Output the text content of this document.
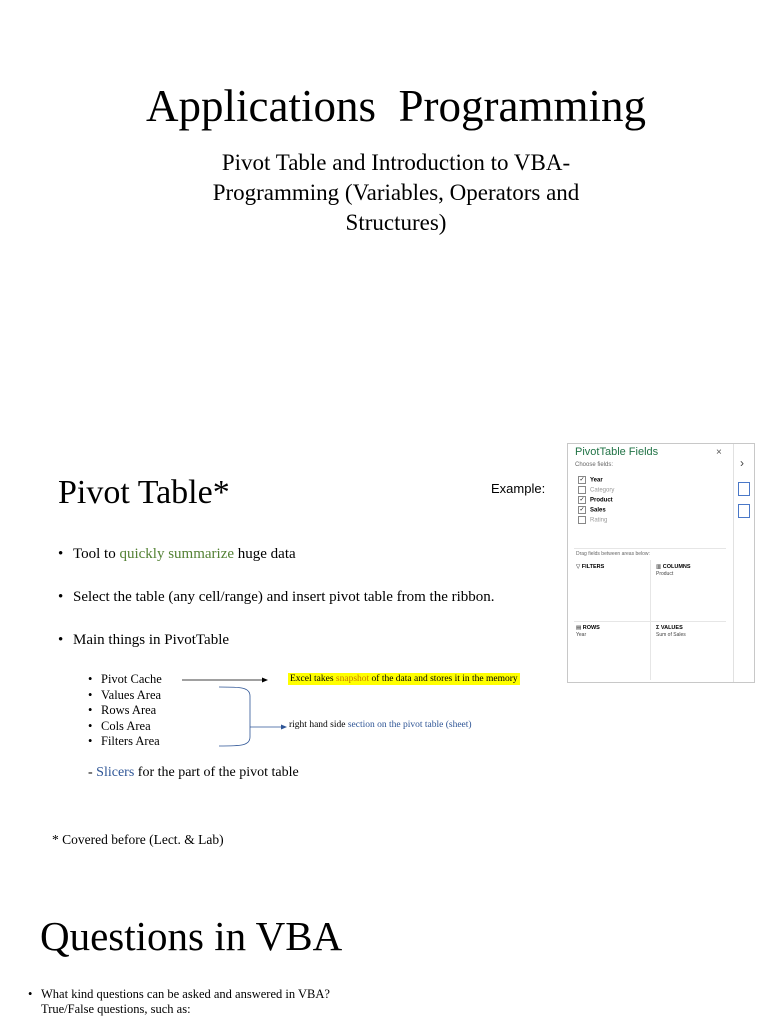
Applications  Programming
Pivot Table and Introduction to VBA-
Programming (Variables, Operators and
Structures)
Pivot Table*	Example:
• Tool to quickly summarize huge data
• Select the table (any cell/range) and insert pivot table from the ribbon.
• Main things in PivotTable
• Pivot Cache
• Values Area
• Rows Area
• Cols Area
• Filters Area
Excel takes snapshot of the data and stores it in the memory
right hand side section on the pivot table (sheet)
- Slicers for the part of the pivot table
* Covered before (Lect. & Lab)
PivotTable Fields	×
Choose fields:
✓ Year
Category
✓ Product
✓ Sales
Rating
Drag fields between areas below:
▽ FILTERS	▥ COLUMNS
Product
▤ ROWS
Year
Σ VALUES
Sum of Sales
›
Questions in VBA
• What kind questions can be asked and answered in VBA?
True/False questions, such as:
